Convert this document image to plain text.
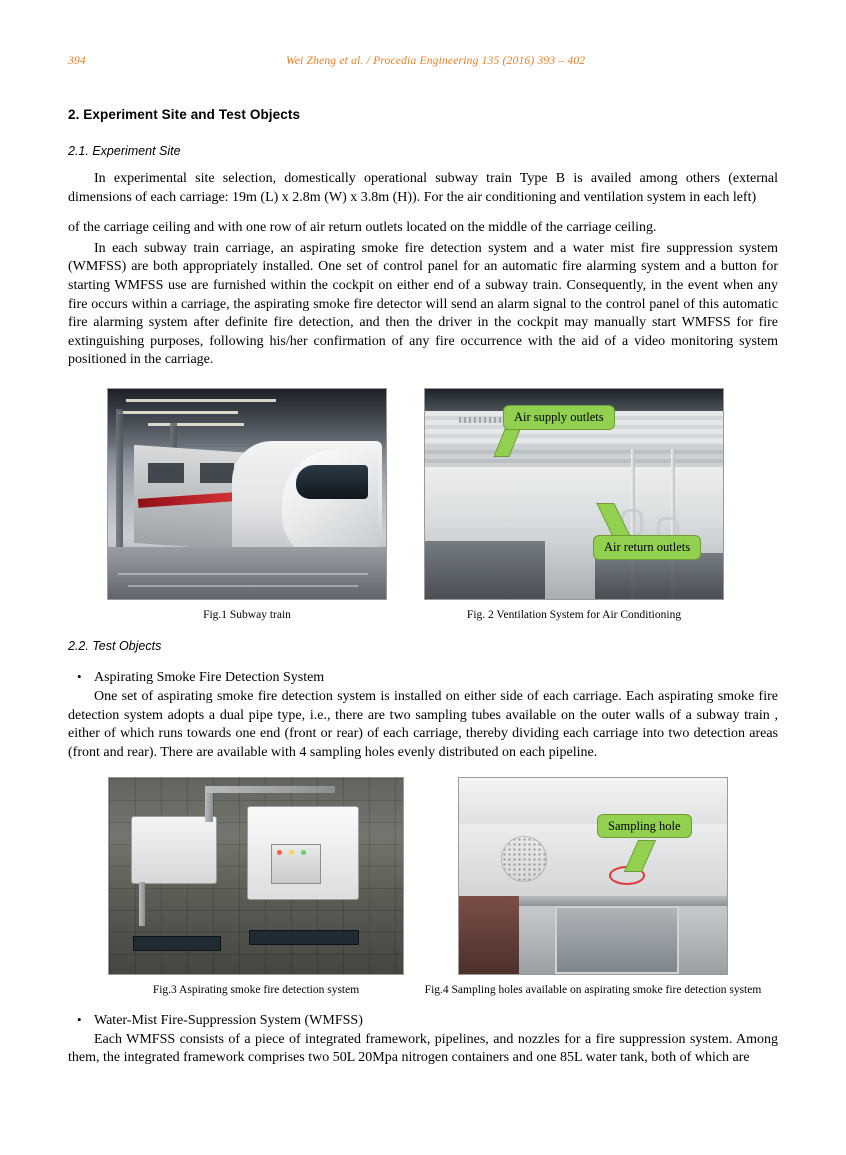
394	Wei Zheng et al. / Procedia Engineering 135 (2016) 393 – 402
2. Experiment Site and Test Objects
2.1. Experiment Site

In experimental site selection, domestically operational subway train Type B is availed among others (external dimensions of each carriage: 19m (L) x 2.8m (W) x 3.8m (H)). For the air conditioning and ventilation system in each left)

of the carriage ceiling and with one row of air return outlets located on the middle of the carriage ceiling.

In each subway train carriage, an aspirating smoke fire detection system and a water mist fire suppression system (WMFSS) are both appropriately installed. One set of control panel for an automatic fire alarming system and a button for starting WMFSS use are furnished within the cockpit on either end of a subway train. Consequently, in the event when any fire occurs within a carriage, the aspirating smoke fire detector will send an alarm signal to the control panel of this automatic fire alarming system after definite fire detection, and then the driver in the cockpit may manually start WMFSS for fire extinguishing purposes, following his/her confirmation of any fire occurrence with the aid of a video monitoring system positioned in the carriage.

Fig.1 Subway train
Air supply outlets
Air return outlets
Fig. 2 Ventilation System for Air Conditioning
2.2. Test Objects
• Aspirating Smoke Fire Detection System

One set of aspirating smoke fire detection system is installed on either side of each carriage. Each aspirating smoke fire detection system adopts a dual pipe type, i.e., there are two sampling tubes available on the outer walls of a subway train , either of which runs towards one end (front or rear) of each carriage, thereby dividing each carriage into two detection areas (front and rear). There are available with 4 sampling holes evenly distributed on each pipeline.

Fig.3 Aspirating smoke fire detection system
Sampling hole
Fig.4 Sampling holes available on aspirating smoke fire detection system
• Water-Mist Fire-Suppression System (WMFSS)

Each WMFSS consists of a piece of integrated framework, pipelines, and nozzles for a fire suppression system. Among them, the integrated framework comprises two 50L 20Mpa nitrogen containers and one 85L water tank, both of which are
